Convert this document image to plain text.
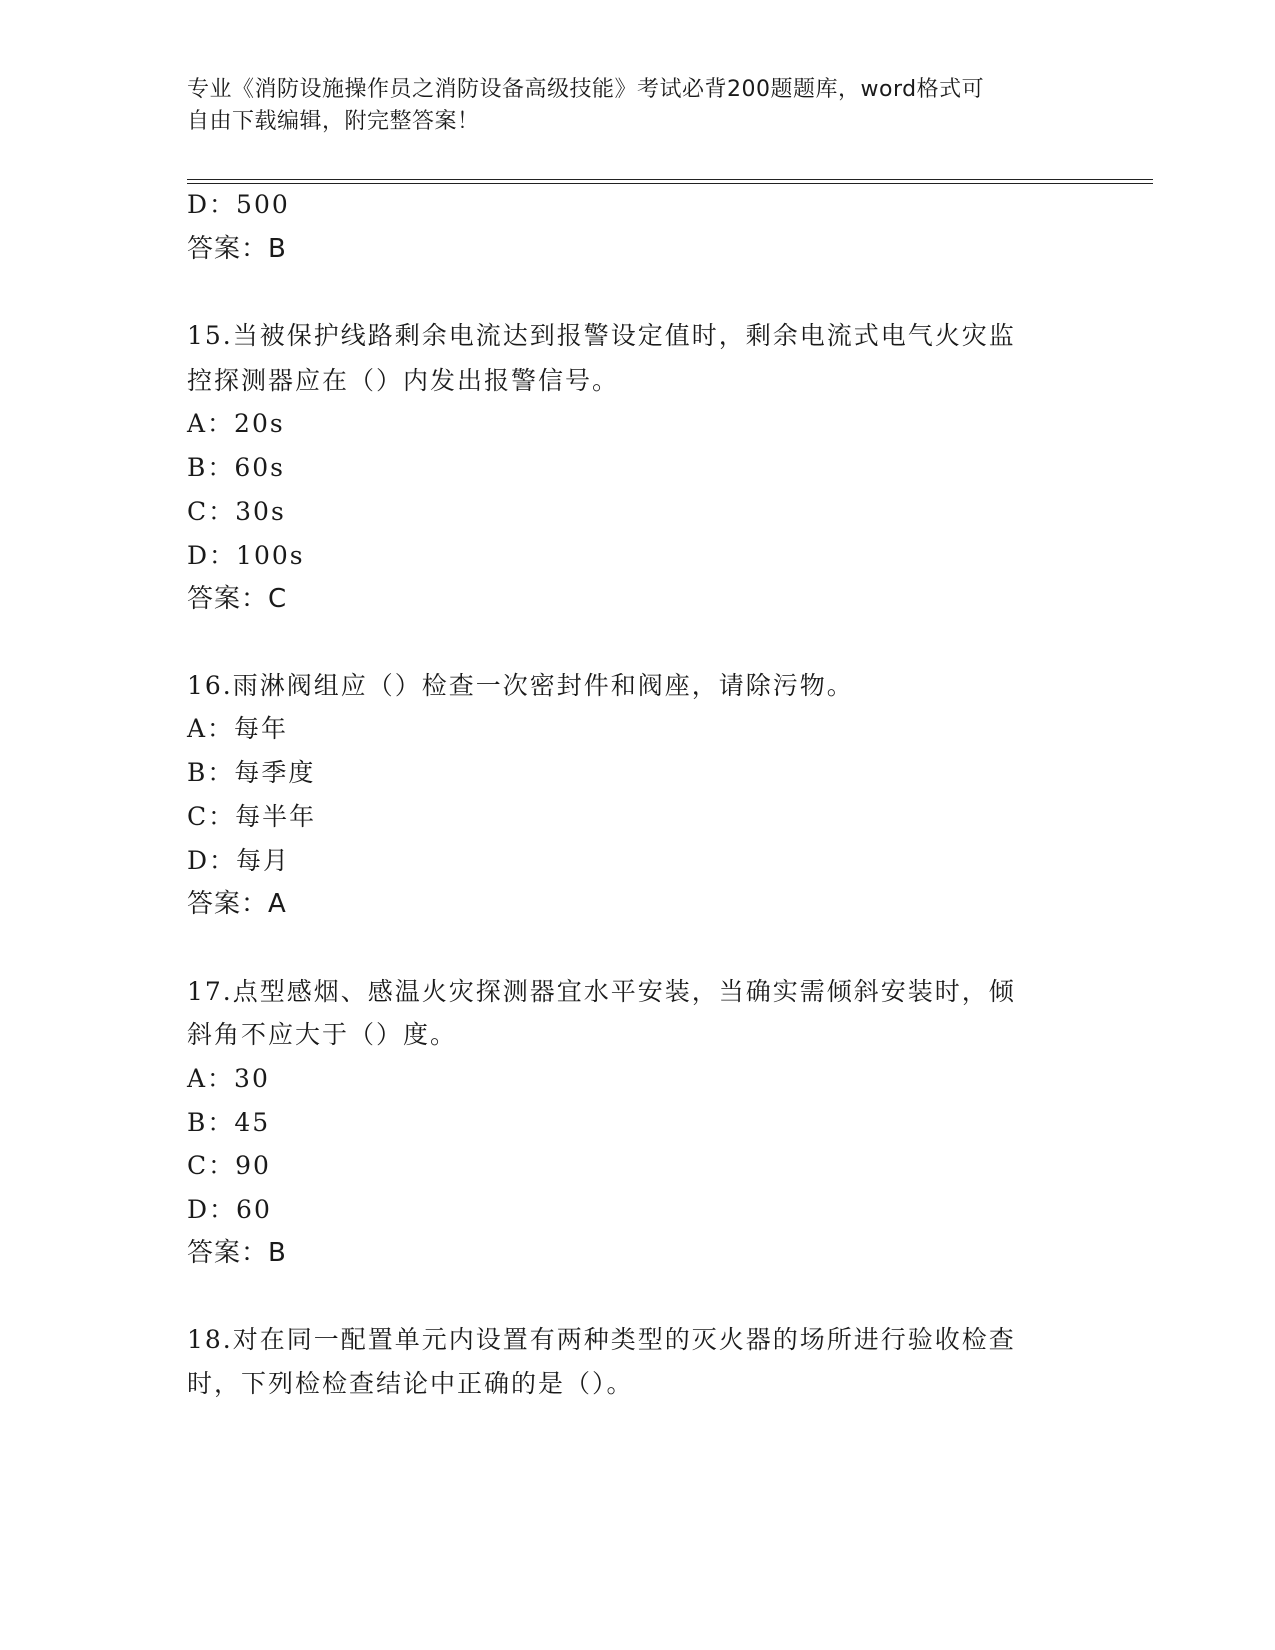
专业《消防设施操作员之消防设备高级技能》考试必背200题题库，word格式可
自由下载编辑，附完整答案！
D：500
答案：B
15.当被保护线路剩余电流达到报警设定值时，剩余电流式电气火灾监
控探测器应在（）内发出报警信号。
A：20s
B：60s
C：30s
D：100s
答案：C
16.雨淋阀组应（）检查一次密封件和阀座，请除污物。
A：每年
B：每季度
C：每半年
D：每月
答案：A
17.点型感烟、感温火灾探测器宜水平安装，当确实需倾斜安装时，倾
斜角不应大于（）度。
A：30
B：45
C：90
D：60
答案：B
18.对在同一配置单元内设置有两种类型的灭火器的场所进行验收检查
时，下列检检查结论中正确的是（）。
